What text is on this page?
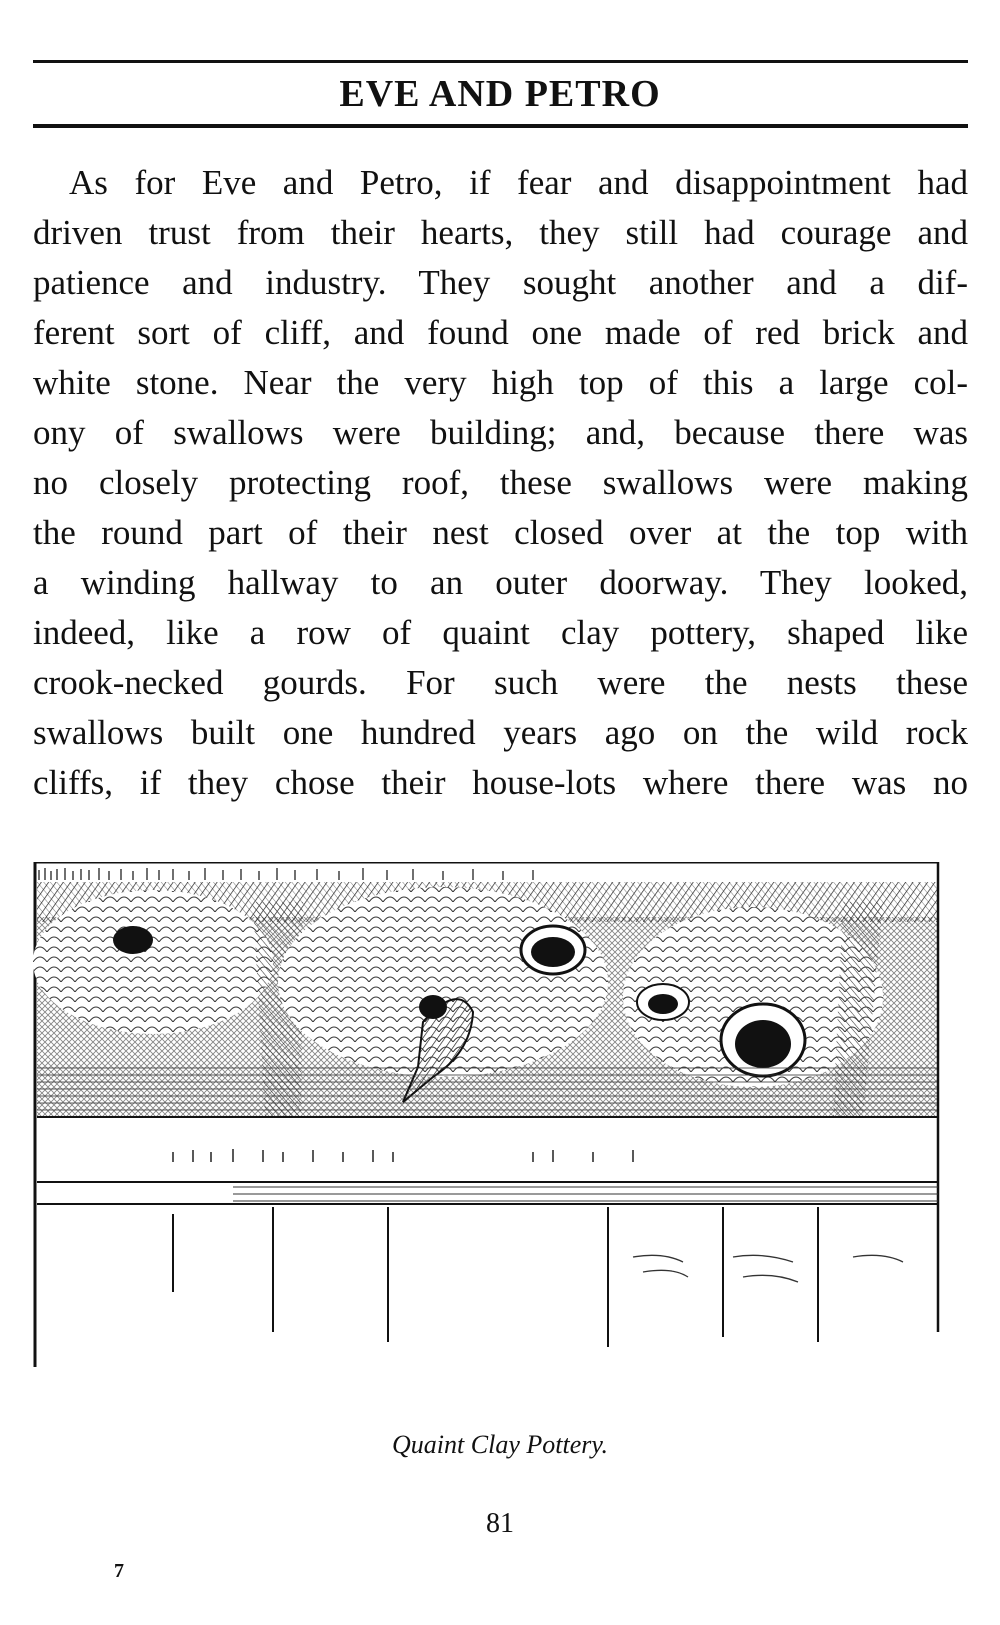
EVE AND PETRO
As for Eve and Petro, if fear and disappointment had
driven trust from their hearts, they still had courage and
patience and industry. They sought another and a dif-
ferent sort of cliff, and found one made of red brick and
white stone. Near the very high top of this a large col-
ony of swallows were building; and, because there was
no closely protecting roof, these swallows were making
the round part of their nest closed over at the top with
a winding hallway to an outer doorway. They looked,
indeed, like a row of quaint clay pottery, shaped like
crook-necked gourds. For such were the nests these
swallows built one hundred years ago on the wild rock
cliffs, if they chose their house-lots where there was no
Quaint Clay Pottery.
81
7
